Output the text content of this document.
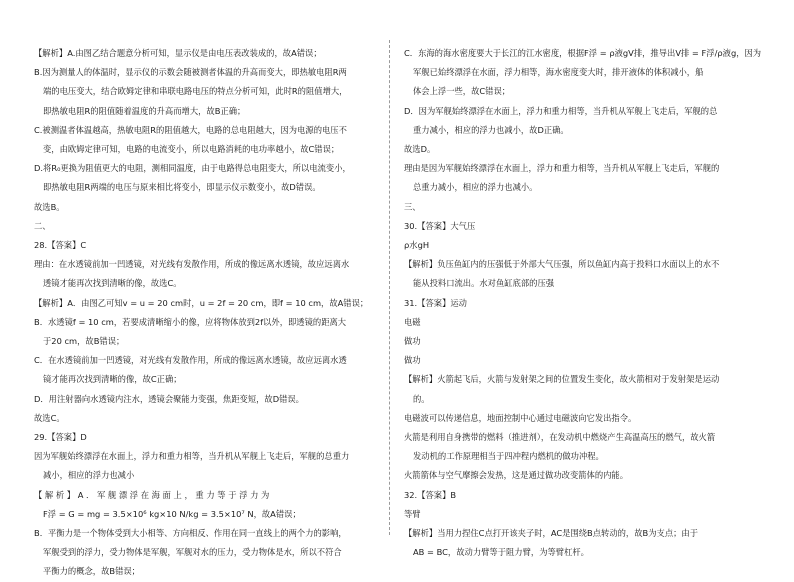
【解析】A.由图乙结合题意分析可知，显示仪是由电压表改装成的，故A错误；
B.因为测量人的体温时，显示仪的示数会随被测者体温的升高而变大，即热敏电阻R两
端的电压变大，结合欧姆定律和串联电路电压的特点分析可知，此时R的阻值增大，
即热敏电阻R的阻值随着温度的升高而增大，故B正确；
C.被测温者体温越高，热敏电阻R的阻值越大，电路的总电阻越大，因为电源的电压不
变，由欧姆定律可知，电路的电流变小，所以电路消耗的电功率越小，故C错误；
D.将R₀更换为阻值更大的电阻，测相同温度，由于电路得总电阻变大，所以电流变小，
即热敏电阻R两端的电压与原来相比将变小，即显示仪示数变小，故D错误。
故选B。
二、
28.【答案】C
理由：在水透镜前加一凹透镜，对光线有发散作用，所成的像远离水透镜，故应远离水
透镜才能再次找到清晰的像，故选C。
【解析】A．由图乙可知v = u = 20 cm时，u = 2f = 20 cm，即f = 10 cm，故A错误；
B．水透镜f = 10 cm，若要成清晰缩小的像，应将物体放到2f以外，即透镜的距离大
于20 cm，故B错误；
C．在水透镜前加一凹透镜，对光线有发散作用，所成的像远离水透镜，故应远离水透
镜才能再次找到清晰的像，故C正确；
D．用注射器向水透镜内注水，透镜会聚能力变强，焦距变短，故D错误。
故选C。
29.【答案】D
因为军舰始终漂浮在水面上，浮力和重力相等，当升机从军舰上飞走后，军舰的总重力
减小，相应的浮力也减小
【 解 析 】 A ． 军 舰 漂 浮 在 海 面 上 ， 重 力 等 于 浮 力 为
F浮 = G = mg = 3.5×10⁶ kg×10 N/kg = 3.5×10⁷ N，故A错误；
B．平衡力是一个物体受到大小相等、方向相反、作用在同一直线上的两个力的影响，
军舰受到的浮力，受力物体是军舰，军舰对水的压力，受力物体是水，所以不符合
平衡力的概念，故B错误；
C．东海的海水密度要大于长江的江水密度，根据F浮 = ρ液gV排，推导出V排 = F浮/ρ液g，因为
军舰已始终漂浮在水面，浮力相等，海水密度变大时，排开液体的体积减小，船
体会上浮一些，故C错误；
D．因为军舰始终漂浮在水面上，浮力和重力相等，当升机从军舰上飞走后，军舰的总
重力减小，相应的浮力也减小，故D正确。
故选D。
理由是因为军舰始终漂浮在水面上，浮力和重力相等，当升机从军舰上飞走后，军舰的
总重力减小，相应的浮力也减小。
三、
30.【答案】大气压
ρ水gH
【解析】负压鱼缸内的压强低于外部大气压强，所以鱼缸内高于投料口水面以上的水不
能从投料口流出。水对鱼缸底部的压强
31.【答案】运动
电磁
做功
做功
【解析】火箭起飞后，火箭与发射架之间的位置发生变化，故火箭相对于发射架是运动
的。
电磁波可以传递信息，地面控制中心通过电磁波向它发出指令。
火箭是利用自身携带的燃料（推进剂），在发动机中燃烧产生高温高压的燃气，故火箭
发动机的工作原理相当于四冲程内燃机的做功冲程。
火箭箭体与空气摩擦会发热，这是通过做功改变箭体的内能。
32.【答案】B
等臂
【解析】当用力捏住C点打开该夹子时，AC是围绕B点转动的，故B为支点；由于
AB = BC，故动力臂等于阻力臂，为等臂杠杆。
